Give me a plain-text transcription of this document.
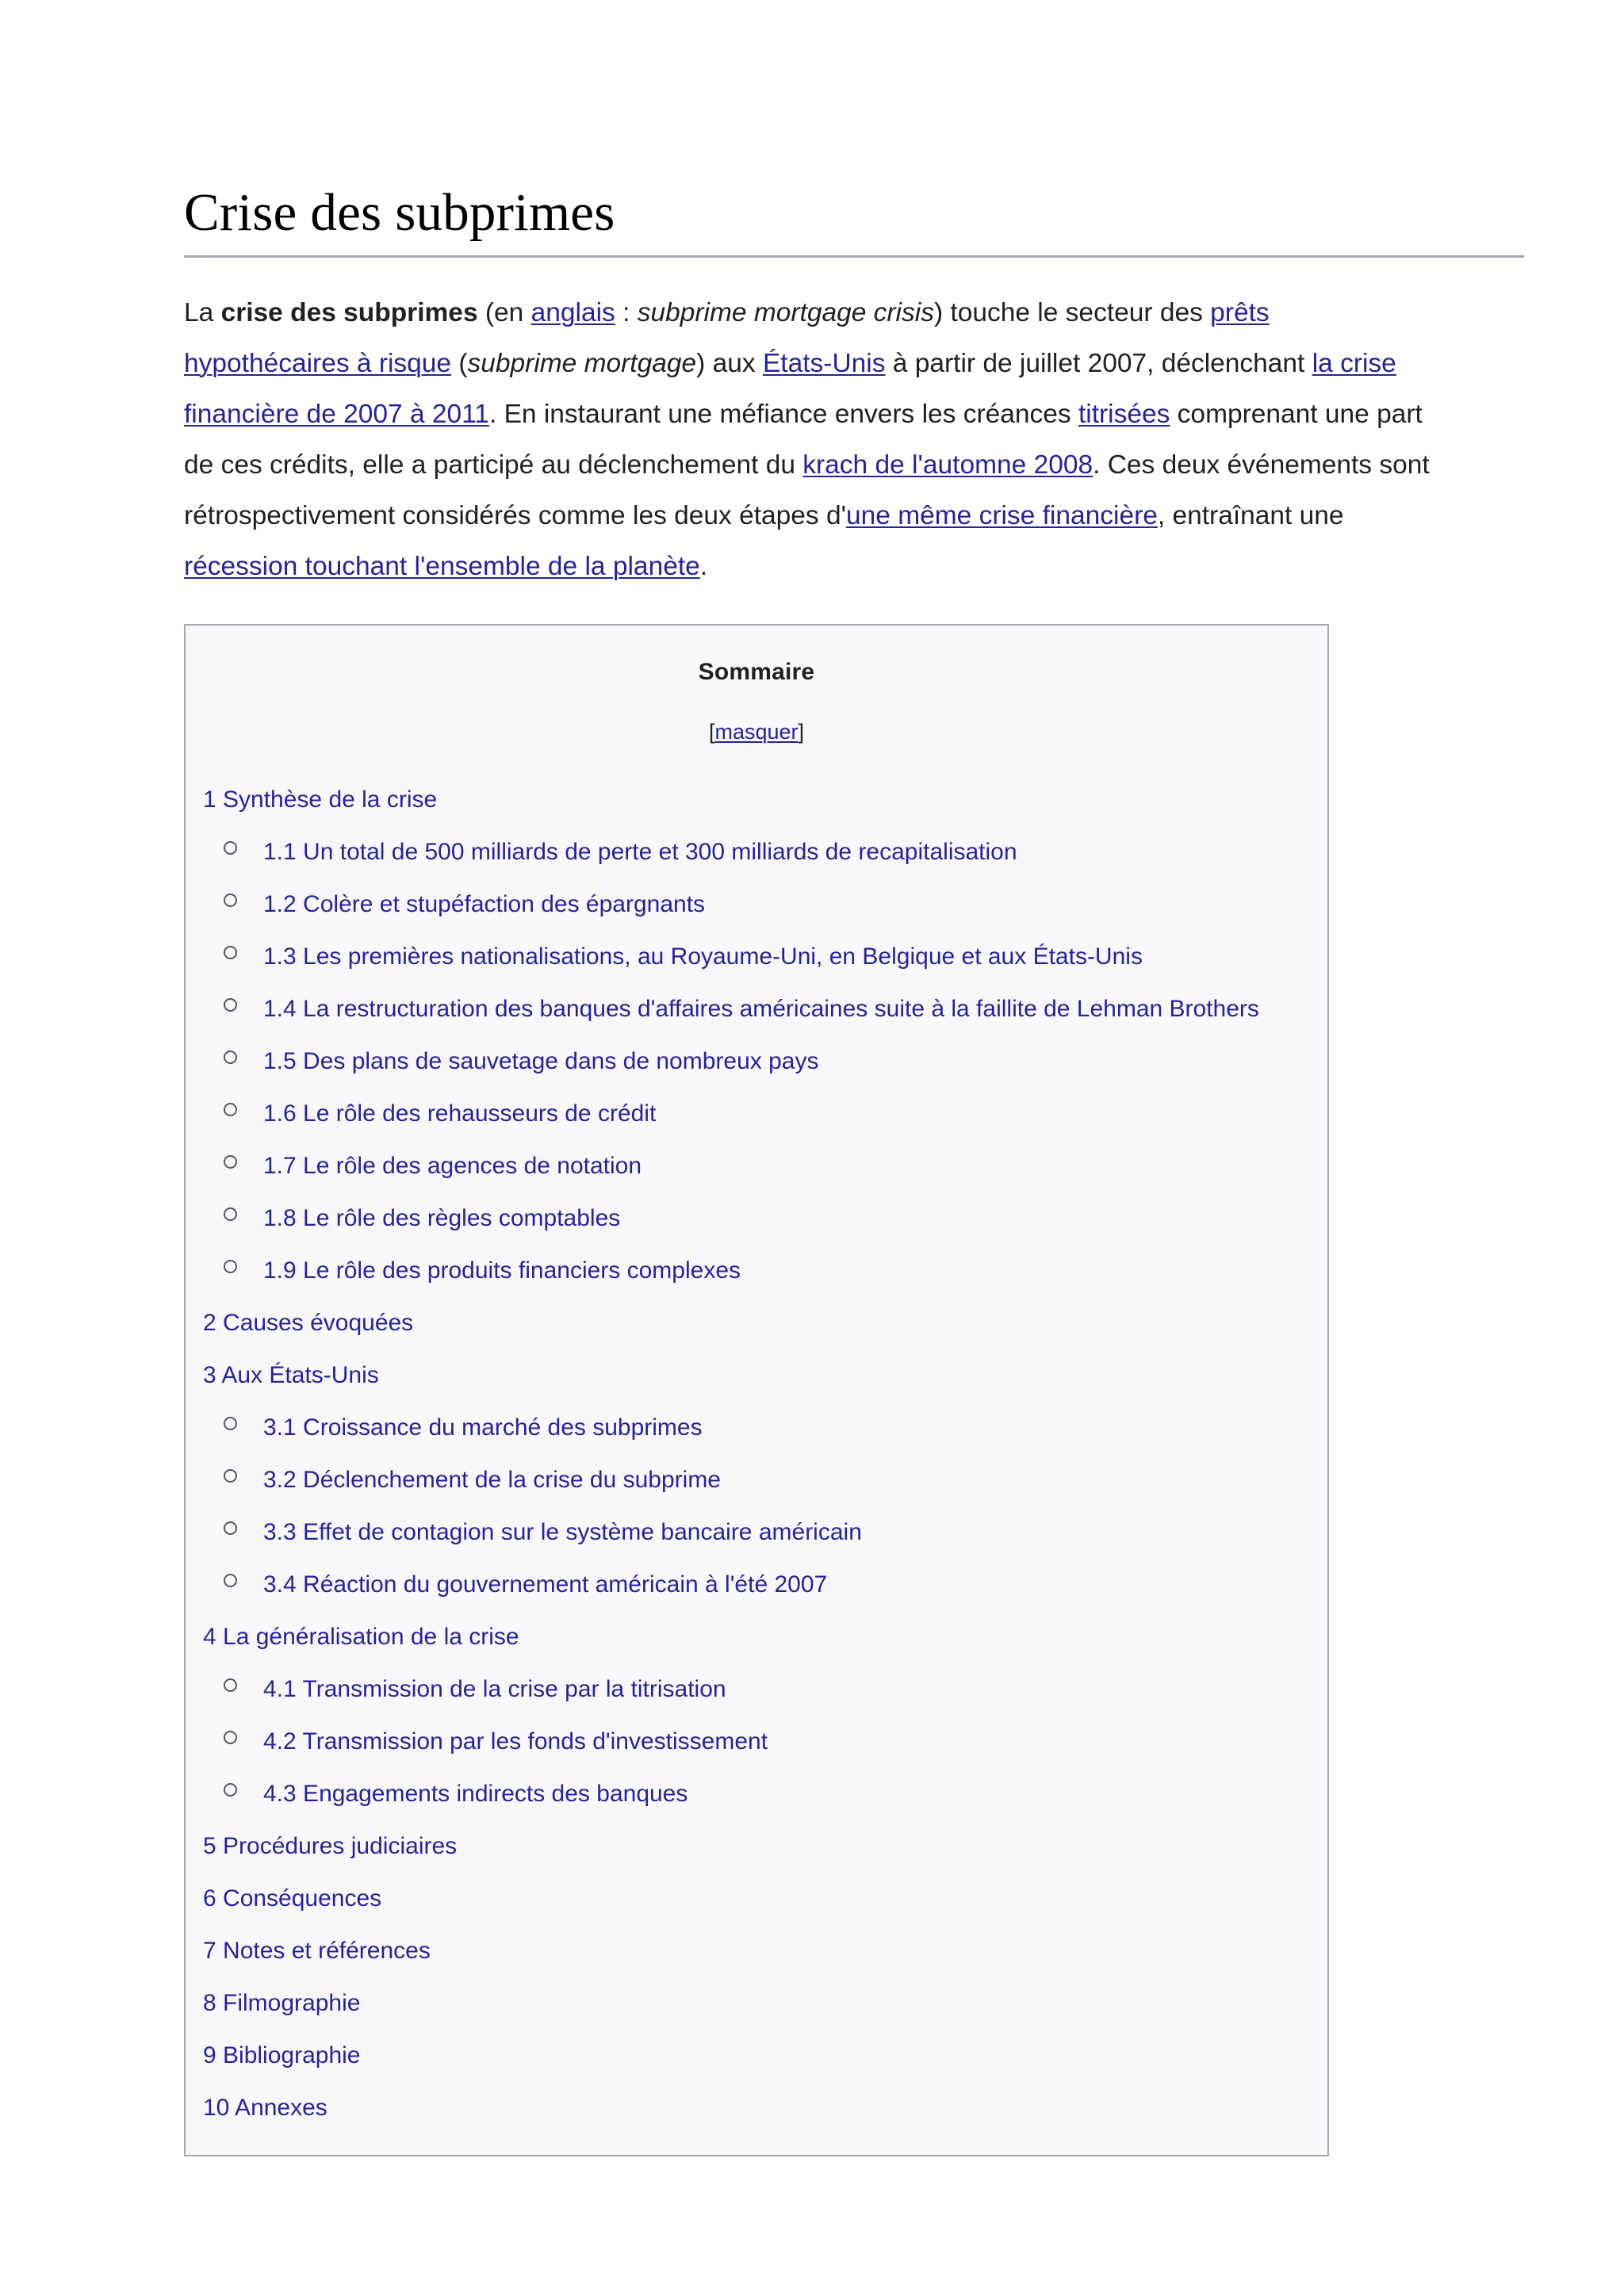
Crise des subprimes

La crise des subprimes (en anglais : subprime mortgage crisis) touche le secteur des prêts hypothécaires à risque (subprime mortgage) aux États-Unis à partir de juillet 2007, déclenchant la crise financière de 2007 à 2011. En instaurant une méfiance envers les créances titrisées comprenant une part de ces crédits, elle a participé au déclenchement du krach de l'automne 2008. Ces deux événements sont rétrospectivement considérés comme les deux étapes d'une même crise financière, entraînant une récession touchant l'ensemble de la planète.

Sommaire
[masquer]
1 Synthèse de la crise
1.1 Un total de 500 milliards de perte et 300 milliards de recapitalisation
1.2 Colère et stupéfaction des épargnants
1.3 Les premières nationalisations, au Royaume-Uni, en Belgique et aux États-Unis
1.4 La restructuration des banques d'affaires américaines suite à la faillite de Lehman Brothers
1.5 Des plans de sauvetage dans de nombreux pays
1.6 Le rôle des rehausseurs de crédit
1.7 Le rôle des agences de notation
1.8 Le rôle des règles comptables
1.9 Le rôle des produits financiers complexes
2 Causes évoquées
3 Aux États-Unis
3.1 Croissance du marché des subprimes
3.2 Déclenchement de la crise du subprime
3.3 Effet de contagion sur le système bancaire américain
3.4 Réaction du gouvernement américain à l'été 2007
4 La généralisation de la crise
4.1 Transmission de la crise par la titrisation
4.2 Transmission par les fonds d'investissement
4.3 Engagements indirects des banques
5 Procédures judiciaires
6 Conséquences
7 Notes et références
8 Filmographie
9 Bibliographie
10 Annexes
